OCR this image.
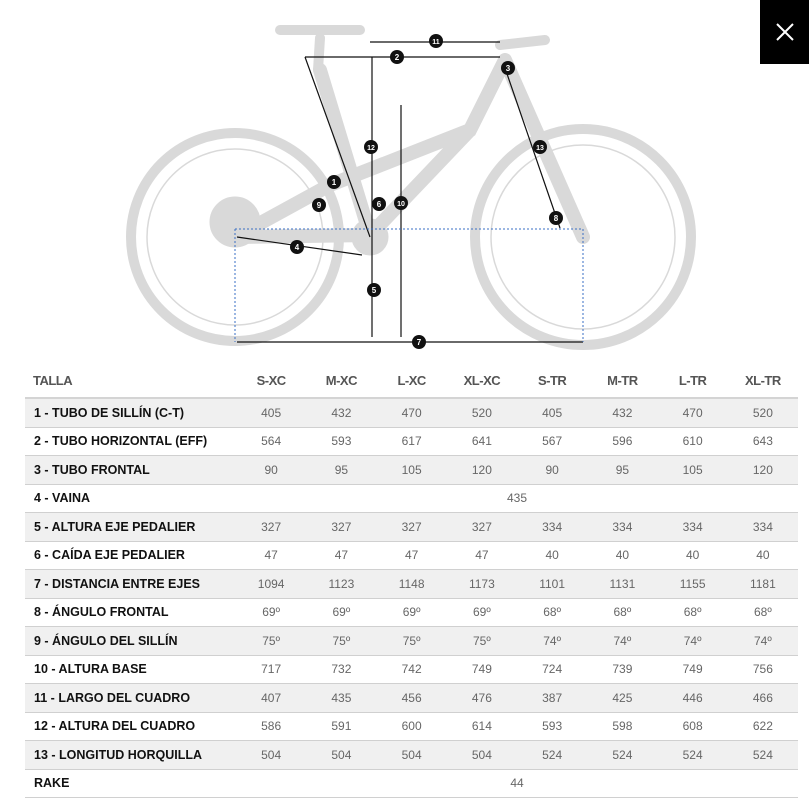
1
2
3
4
5
6
7
8
9	10
11
12	13
TALLA	S-XC	M-XC	L-XC	XL-XC	S-TR	M-TR	L-TR	XL-TR
1 - TUBO DE SILLÍN (C-T)	405	432	470	520	405	432	470	520
2 - TUBO HORIZONTAL (EFF)	564	593	617	641	567	596	610	643
3 - TUBO FRONTAL	90	95	105	120	90	95	105	120
4 - VAINA	435							
5 - ALTURA EJE PEDALIER	327	327	327	327	334	334	334	334
6 - CAÍDA EJE PEDALIER	47	47	47	47	40	40	40	40
7 - DISTANCIA ENTRE EJES	1094	1123	1148	1173	1101	1131	1155	1181
8 - ÁNGULO FRONTAL	69º	69º	69º	69º	68º	68º	68º	68º
9 - ÁNGULO DEL SILLÍN	75º	75º	75º	75º	74º	74º	74º	74º
10 - ALTURA BASE	717	732	742	749	724	739	749	756
11 - LARGO DEL CUADRO	407	435	456	476	387	425	446	466
12 - ALTURA DEL CUADRO	586	591	600	614	593	598	608	622
13 - LONGITUD HORQUILLA	504	504	504	504	524	524	524	524
RAKE	44							
